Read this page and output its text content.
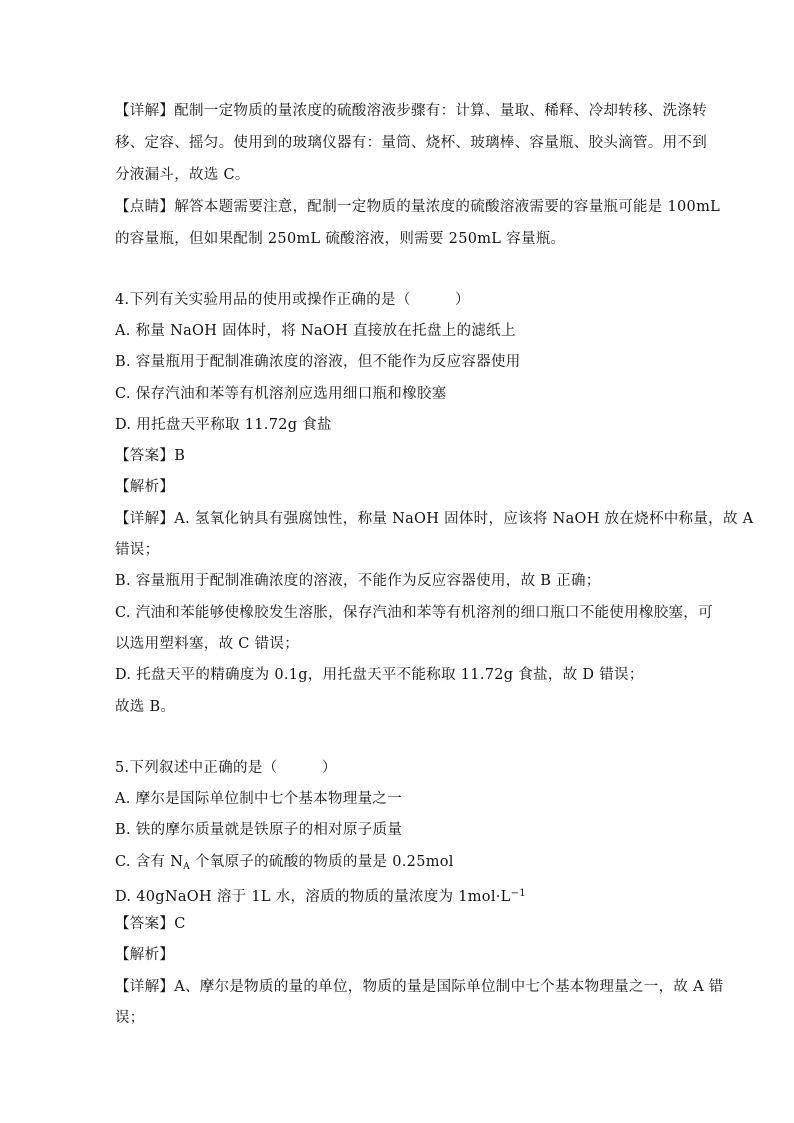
【详解】配制一定物质的量浓度的硫酸溶液步骤有：计算、量取、稀释、冷却转移、洗涤转
移、定容、摇匀。使用到的玻璃仪器有：量筒、烧杯、玻璃棒、容量瓶、胶头滴管。用不到
分液漏斗，故选 C。
【点睛】解答本题需要注意，配制一定物质的量浓度的硫酸溶液需要的容量瓶可能是 100mL
的容量瓶，但如果配制 250mL 硫酸溶液，则需要 250mL 容量瓶。
4.下列有关实验用品的使用或操作正确的是（　　　）
A. 称量 NaOH 固体时，将 NaOH 直接放在托盘上的滤纸上
B. 容量瓶用于配制准确浓度的溶液，但不能作为反应容器使用
C. 保存汽油和苯等有机溶剂应选用细口瓶和橡胶塞
D. 用托盘天平称取 11.72g 食盐
【答案】B
【解析】
【详解】A. 氢氧化钠具有强腐蚀性，称量 NaOH 固体时，应该将 NaOH 放在烧杯中称量，故 A
错误；
B. 容量瓶用于配制准确浓度的溶液，不能作为反应容器使用，故 B 正确；
C. 汽油和苯能够使橡胶发生溶胀，保存汽油和苯等有机溶剂的细口瓶口不能使用橡胶塞，可
以选用塑料塞，故 C 错误；
D. 托盘天平的精确度为 0.1g，用托盘天平不能称取 11.72g 食盐，故 D 错误；
故选 B。
5.下列叙述中正确的是（　　　）
A. 摩尔是国际单位制中七个基本物理量之一
B. 铁的摩尔质量就是铁原子的相对原子质量
C. 含有 $N_A$ 个氧原子的硫酸的物质的量是 0.25mol
D. 40gNaOH 溶于 1L 水，溶质的物质的量浓度为 $1mol\cdot L^{-1}$
【答案】C
【解析】
【详解】A、摩尔是物质的量的单位，物质的量是国际单位制中七个基本物理量之一，故 A 错
误；
